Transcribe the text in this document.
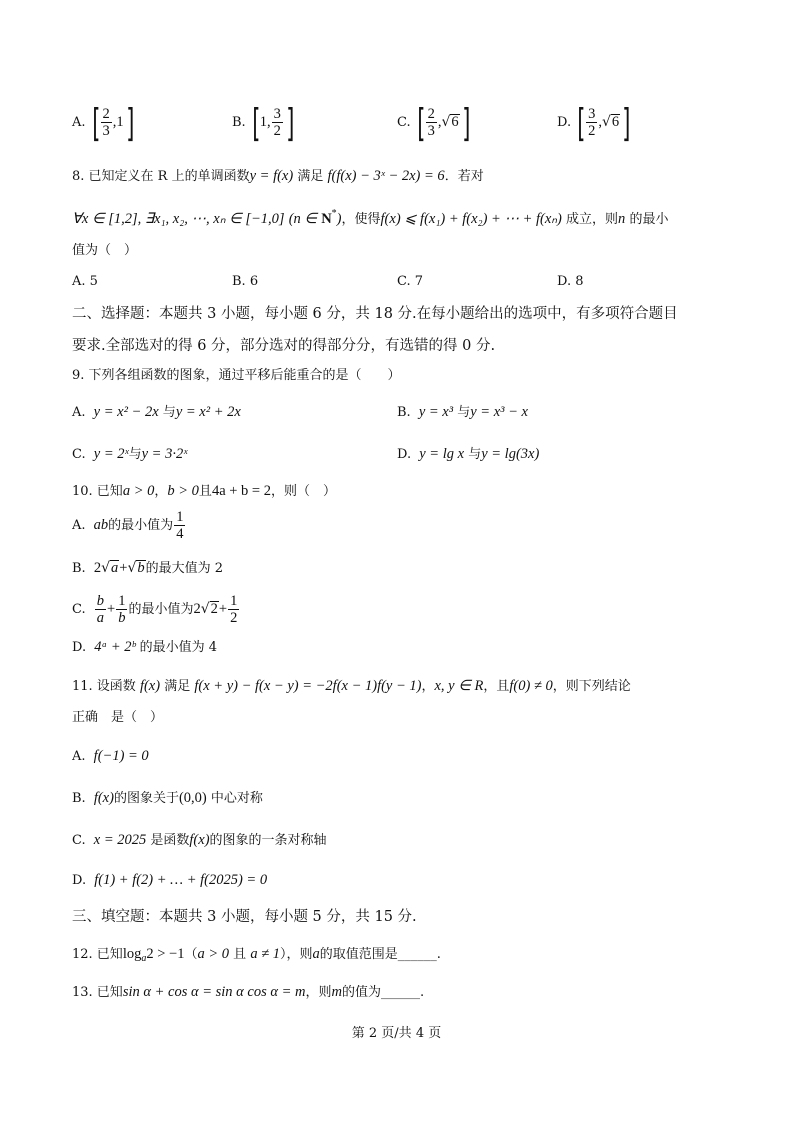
A. [ $\frac{2}{3} ,1$]	B. [1, $\frac{3}{2}$ ]	C. [ $\frac{2}{3} ,√6$]	D. [ $\frac{3}{2} ,√6$]
8. 已知定义在 R 上的单调函数y = f(x) 满足 f(f(x) − 3ˣ − 2x) = 6．若对
∀x ∈ [1,2], ∃x₁, x₂, ⋯, xₙ ∈ [−1,0] (n ∈ N*)，使得f(x) ⩽ f(x₁) + f(x₂) + ⋯ + f(xₙ) 成立，则n 的最小
值为（　）
A. 5	B. 6	C. 7	D. 8
二、选择题：本题共 3 小题，每小题 6 分，共 18 分.在每小题给出的选项中，有多项符合题目
要求.全部选对的得 6 分，部分选对的得部分分，有选错的得 0 分.
9. 下列各组函数的图象，通过平移后能重合的是（　　）
A. y = x² − 2x 与y = x² + 2x	B. y = x³ 与y = x³ − x
C. y = 2ˣ与y = 3·2ˣ	D. y = lg x 与y = lg(3x)
10. 已知a > 0，b > 0且4a + b = 2，则（　）
A. ab的最小值为 $\frac{1}{4}$
B. 2√a+√b的最大值为 2
C. $\frac{b}{a} + \frac{1}{b}$ 的最小值为$2√2+ \frac{1}{2}$
D. 4ᵃ + 2ᵇ 的最小值为 4
11. 设函数 f(x) 满足 f(x + y) − f(x − y) = −2f(x − 1)f(y − 1)，x, y ∈ R，且f(0) ≠ 0，则下列结论
正确　是（　）
A. f(−1) = 0
B. f(x)的图象关于(0,0) 中心对称
C. x = 2025 是函数f(x)的图象的一条对称轴
D. f(1) + f(2) + … + f(2025) = 0
三、填空题：本题共 3 小题，每小题 5 分，共 15 分.
12. 已知$\log_a2 > -1(a > 0$ 且 a ≠ 1），则a的取值范围是______.
13. 已知sin α + cos α = sin α cos α = m，则m的值为______.
第 2 页/共 4 页
